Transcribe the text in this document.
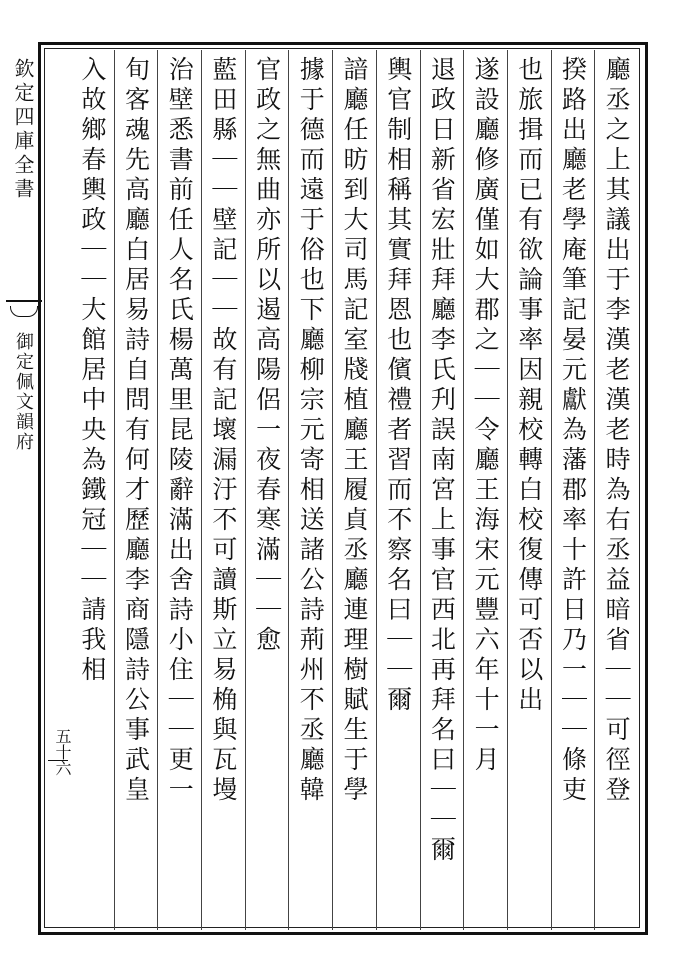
欽定四庫全書
御定佩文韻府
五十六	廳丞之上其議出于李漢老漢老時為右丞益暗省｜｜可徑登
揆路出廳老學庵筆記晏元獻為藩郡率十許日乃一｜｜條吏
也旅揖而已有欲論事率因親校轉白校復傳可否以出
遂設廳修廣僅如大郡之｜｜令廳王海宋元豐六年十一月
退政日新省宏壯拜廳李氏刋誤南宮上事官西北再拜名曰｜｜爾
輿官制相稱其實拜恩也儐禮者習而不察名曰｜｜爾
諳廳任昉到大司馬記室牋植廳王履貞丞廳連理樹賦生于學
據于德而遠于俗也下廳柳宗元寄相送諸公詩荊州不丞廳韓
官政之無曲亦所以遏高陽侶一夜春寒滿｜｜愈
藍田縣｜｜壁記｜｜故有記壞漏汙不可讀斯立易桷與瓦墁
治壁悉書前任人名氏楊萬里昆陵辭滿出舍詩小住｜｜更一
旬客魂先高廳白居易詩自問有何才歷廳李商隱詩公事武皇
入故鄉春輿政｜｜大館居中央為鐵冠｜｜請我相
